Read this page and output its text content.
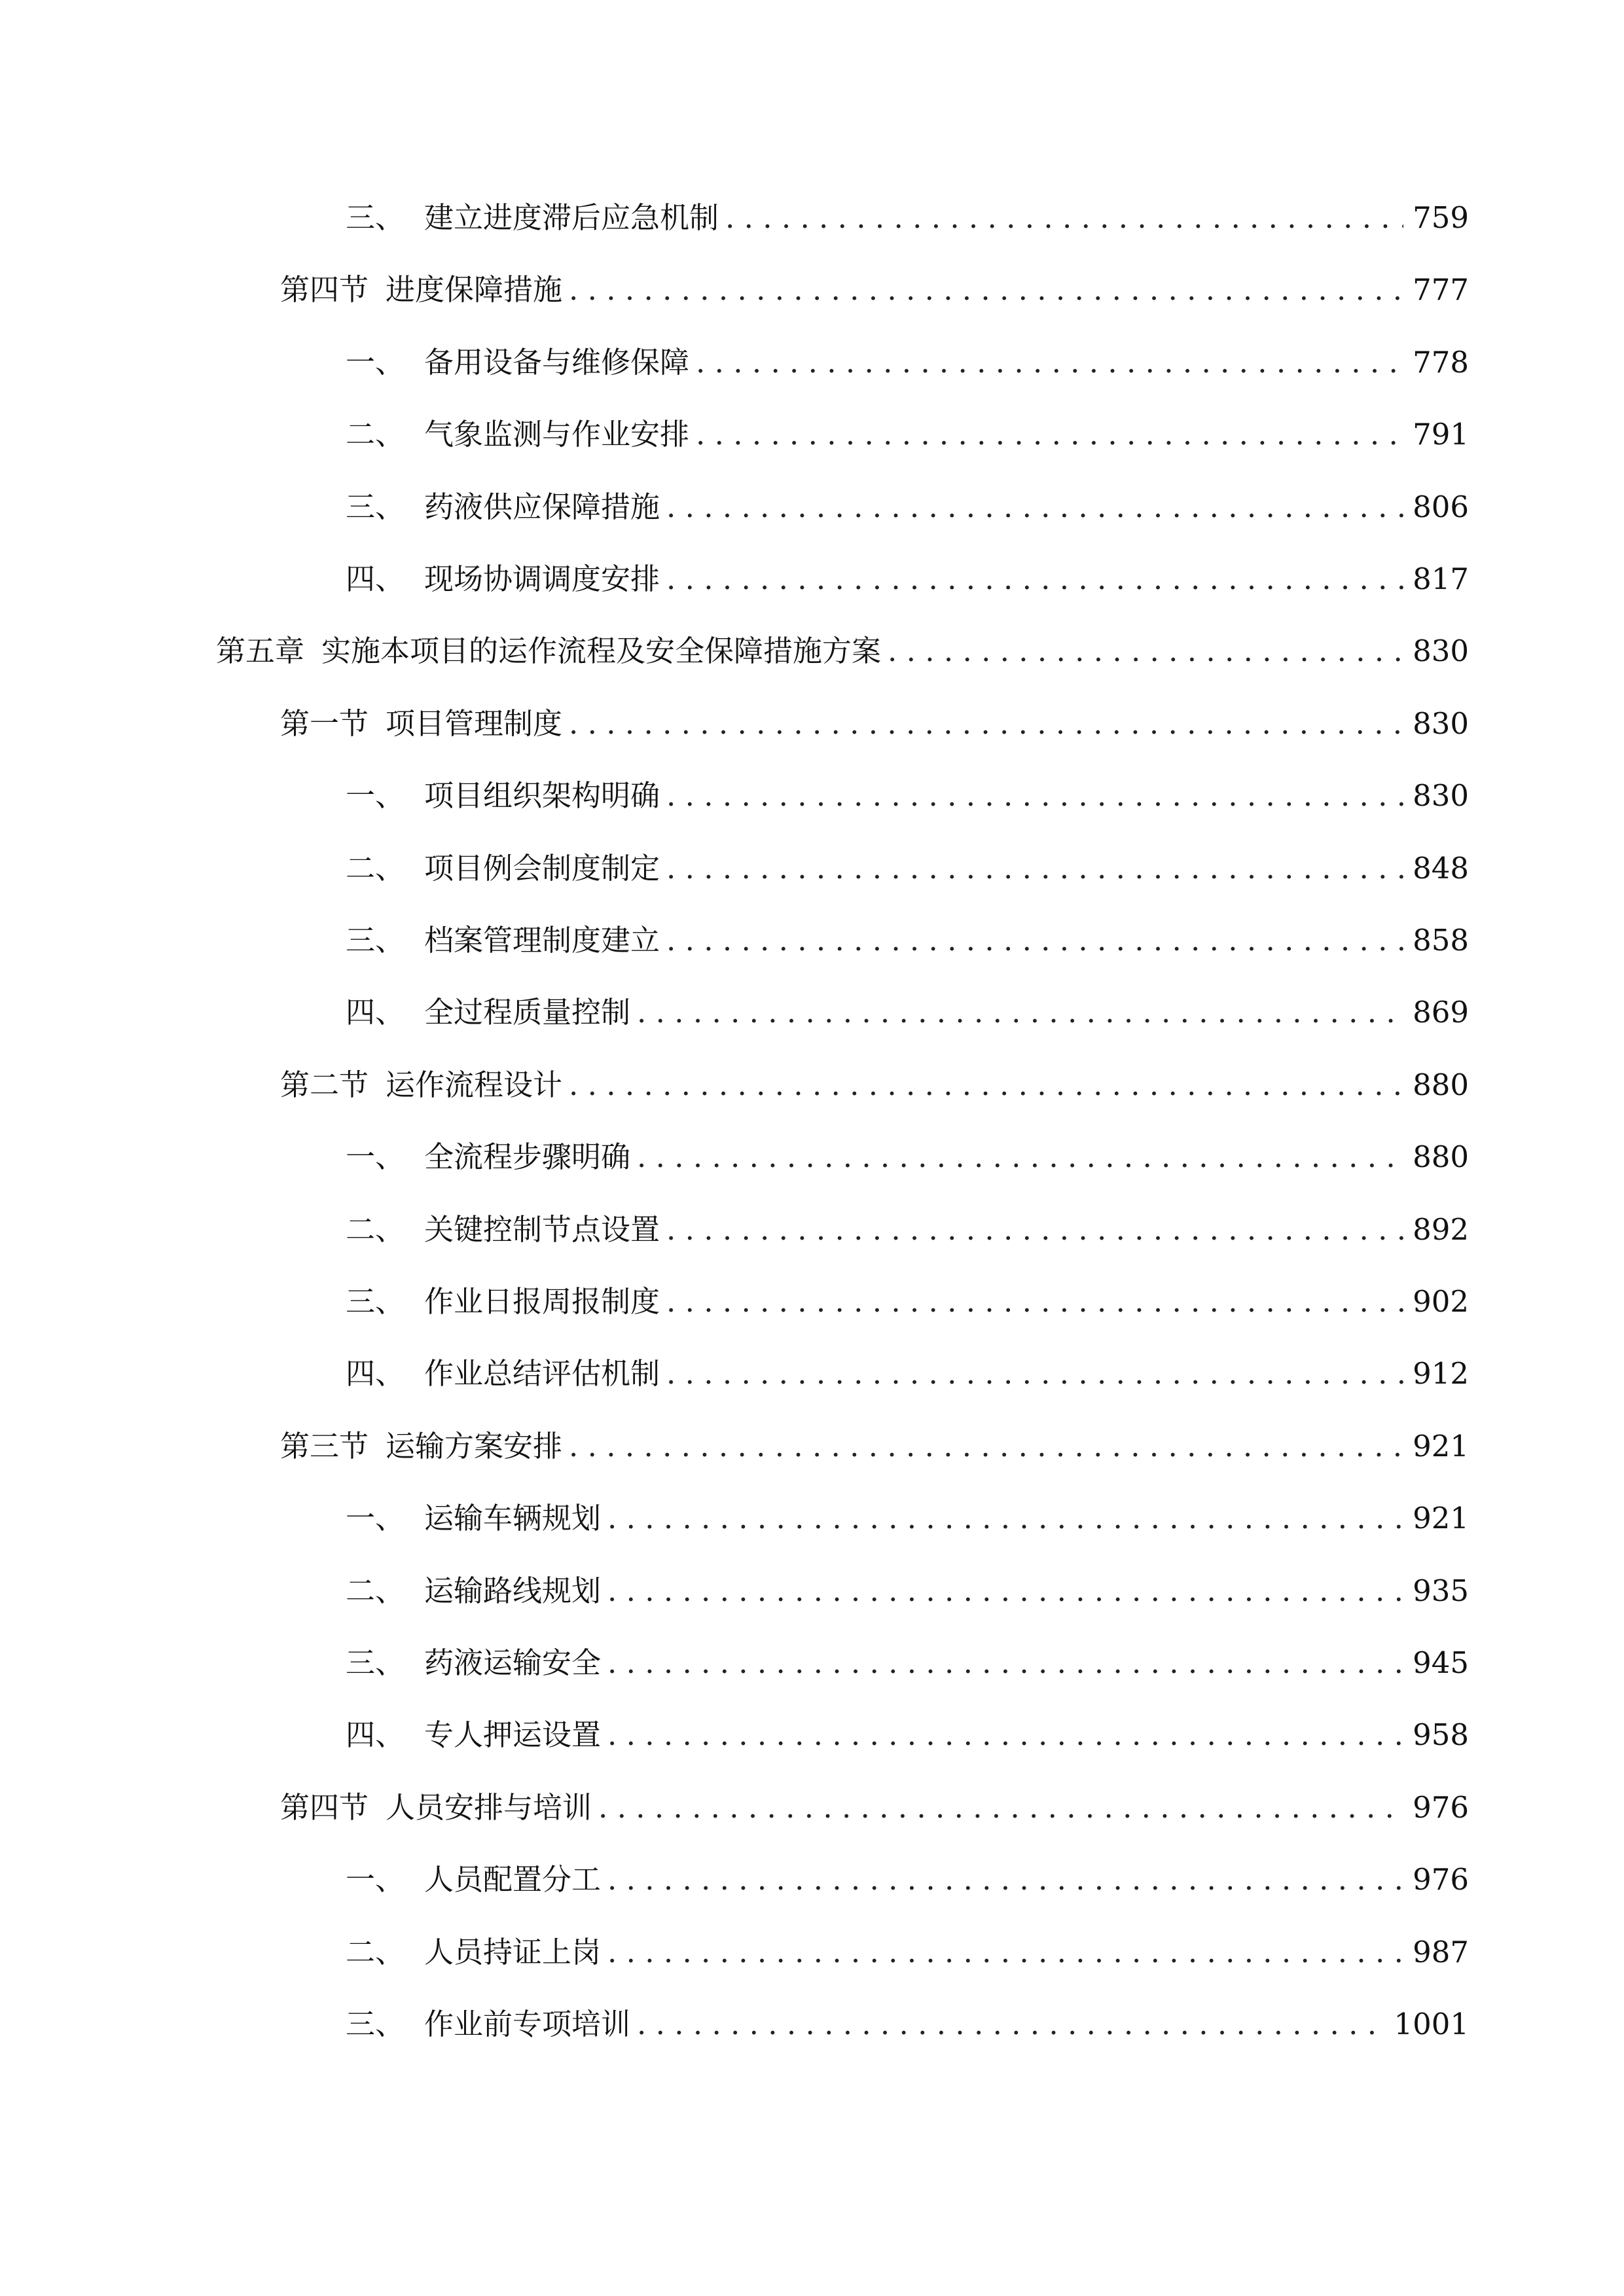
三、 建立进度滞后应急机制 . . .	759
第四节 进度保障措施 . . .	777
一、 备用设备与维修保障 . . .	778
二、 气象监测与作业安排 . . .	791
三、 药液供应保障措施 . . .	806
四、 现场协调调度安排 . . .	817
第五章 实施本项目的运作流程及安全保障措施方案 . . .	830
第一节 项目管理制度 . . .	830
一、 项目组织架构明确 . . .	830
二、 项目例会制度制定 . . .	848
三、 档案管理制度建立 . . .	858
四、 全过程质量控制 . . .	869
第二节 运作流程设计 . . .	880
一、 全流程步骤明确 . . .	880
二、 关键控制节点设置 . . .	892
三、 作业日报周报制度 . . .	902
四、 作业总结评估机制 . . .	912
第三节 运输方案安排 . . .	921
一、 运输车辆规划 . . .	921
二、 运输路线规划 . . .	935
三、 药液运输安全 . . .	945
四、 专人押运设置 . . .	958
第四节 人员安排与培训 . . .	976
一、 人员配置分工 . . .	976
二、 人员持证上岗 . . .	987
三、 作业前专项培训 . . .	1001
